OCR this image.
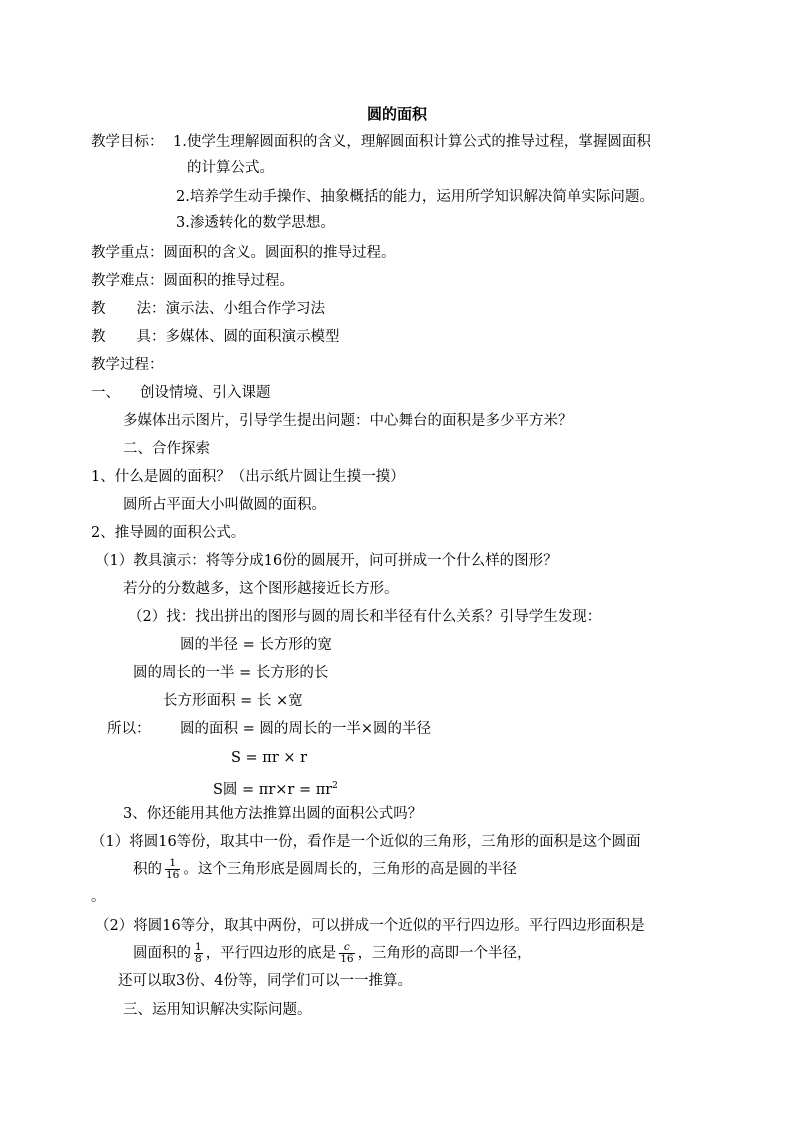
圆的面积
教学目标： 1.使学生理解圆面积的含义，理解圆面积计算公式的推导过程，掌握圆面积
的计算公式。
2.培养学生动手操作、抽象概括的能力，运用所学知识解决简单实际问题。
3.渗透转化的数学思想。
教学重点：圆面积的含义。圆面积的推导过程。
教学难点：圆面积的推导过程。
教 法：演示法、小组合作学习法
教 具：多媒体、圆的面积演示模型
教学过程：
一、 创设情境、引入课题
多媒体出示图片，引导学生提出问题：中心舞台的面积是多少平方米？
二、合作探索
1、什么是圆的面积？（出示纸片圆让生摸一摸）
圆所占平面大小叫做圆的面积。
2、推导圆的面积公式。
（1）教具演示：将等分成16份的圆展开，问可拼成一个什么样的图形？
若分的分数越多，这个图形越接近长方形。
（2）找：找出拼出的图形与圆的周长和半径有什么关系？引导学生发现：
圆的半径 = 长方形的宽
圆的周长的一半 = 长方形的长
长方形面积 = 长 ×宽
所以： 圆的面积 = 圆的周长的一半×圆的半径
S = πr × r
S圆 = $\pi r\times r = \pi r^2$
3、你还能用其他方法推算出圆的面积公式吗？
（1）将圆16等份，取其中一份，看作是一个近似的三角形，三角形的面积是这个圆面
积的 $\frac{1}{16}$ 。这个三角形底是圆周长的，三角形的高是圆的半径
。
（2）将圆16等分，取其中两份，可以拼成一个近似的平行四边形。平行四边形面积是
圆面积的 $\frac{1}{8}$ ，平行四边形的底是 $\frac{c}{16}$ ，三角形的高即一个半径，
还可以取3份、4份等，同学们可以一一推算。
三、运用知识解决实际问题。
